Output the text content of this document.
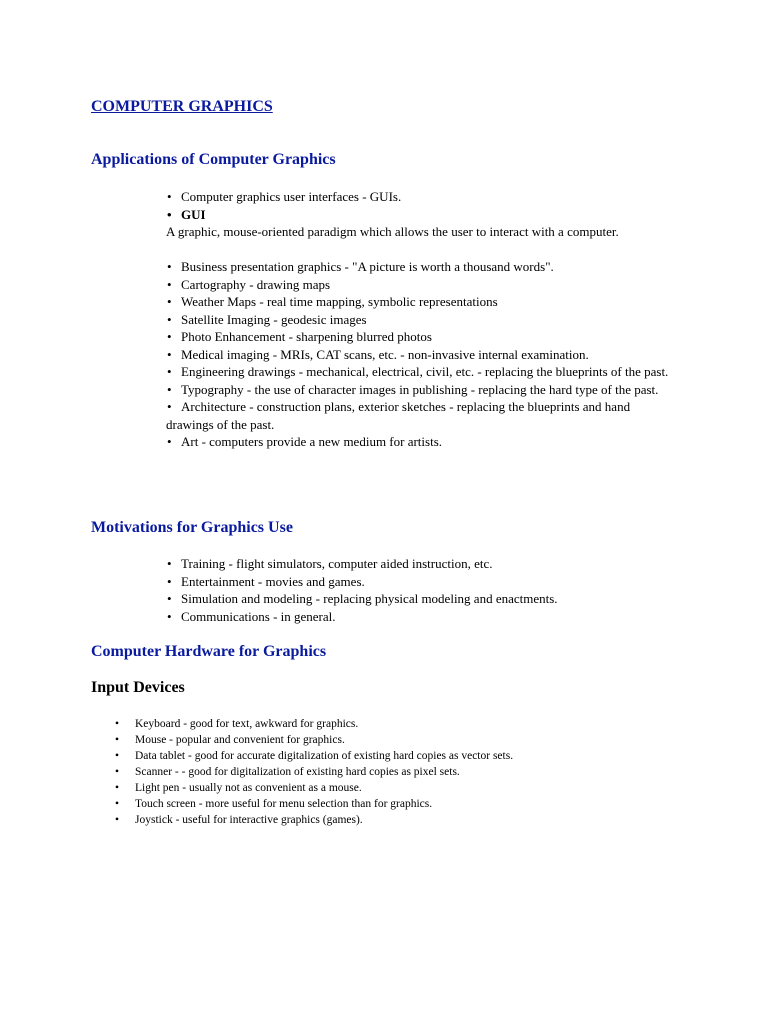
COMPUTER GRAPHICS
Applications of Computer Graphics

• Computer graphics user interfaces - GUIs.

• GUI

A graphic, mouse-oriented paradigm which allows the user to interact with a computer.

• Business presentation graphics - "A picture is worth a thousand words".

• Cartography - drawing maps

• Weather Maps - real time mapping, symbolic representations

• Satellite Imaging - geodesic images

• Photo Enhancement - sharpening blurred photos

• Medical imaging - MRIs, CAT scans, etc. - non-invasive internal examination.

• Engineering drawings - mechanical, electrical, civil, etc. - replacing the blueprints of the past.

• Typography - the use of character images in publishing - replacing the hard type of the past.

• Architecture - construction plans, exterior sketches - replacing the blueprints and hand drawings of the past.

• Art - computers provide a new medium for artists.

Motivations for Graphics Use

• Training - flight simulators, computer aided instruction, etc.

• Entertainment - movies and games.

• Simulation and modeling - replacing physical modeling and enactments.

• Communications - in general.

Computer Hardware for Graphics
Input Devices

• Keyboard - good for text, awkward for graphics.

• Mouse - popular and convenient for graphics.

• Data tablet - good for accurate digitalization of existing hard copies as vector sets.

• Scanner - - good for digitalization of existing hard copies as pixel sets.

• Light pen - usually not as convenient as a mouse.

• Touch screen - more useful for menu selection than for graphics.

• Joystick - useful for interactive graphics (games).
